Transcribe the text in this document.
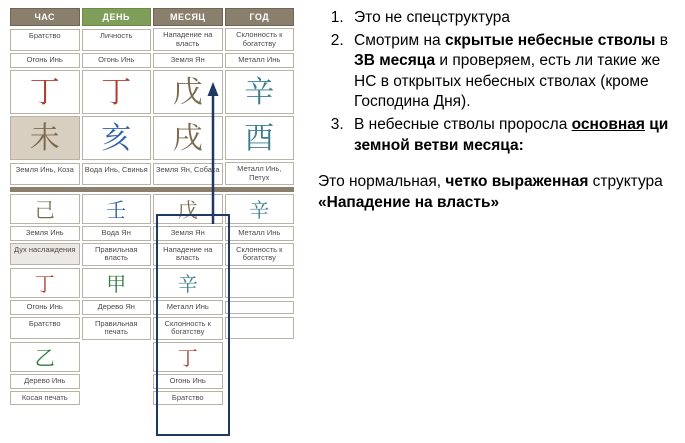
ЧАС	ДЕНЬ	МЕСЯЦ	ГОД

Братство	Личность	Нападение на власть	Склонность к богатству

Огонь Инь	Огонь Инь	Земля Ян	Металл Инь

丁	丁	戊	辛

未	亥	戌	酉

Земля Инь, Коза	Вода Инь, Свинья	Земля Ян, Собака	Металл Инь, Петух

己	壬	戊	辛

Земля Инь	Вода Ян	Земля Ян	Металл Инь

Дух наслаждения	Правильная власть	Нападение на власть	Склонность к богатству

丁	甲	辛	

Огонь Инь	Дерево Ян	Металл Инь	

Братство	Правильная печать	Склонность к богатству	

乙		丁	

Дерево Инь		Огонь Инь	

Косая печать		Братство	

1. Это не спецструктура
2. Смотрим на скрытые небесные стволы в ЗВ месяца и проверяем, есть ли такие же НС в открытых небесных стволах (кроме Господина Дня).
3. В небесные стволы проросла основная ци земной ветви месяца:
Это нормальная, четко выраженная структура «Нападение на власть»
